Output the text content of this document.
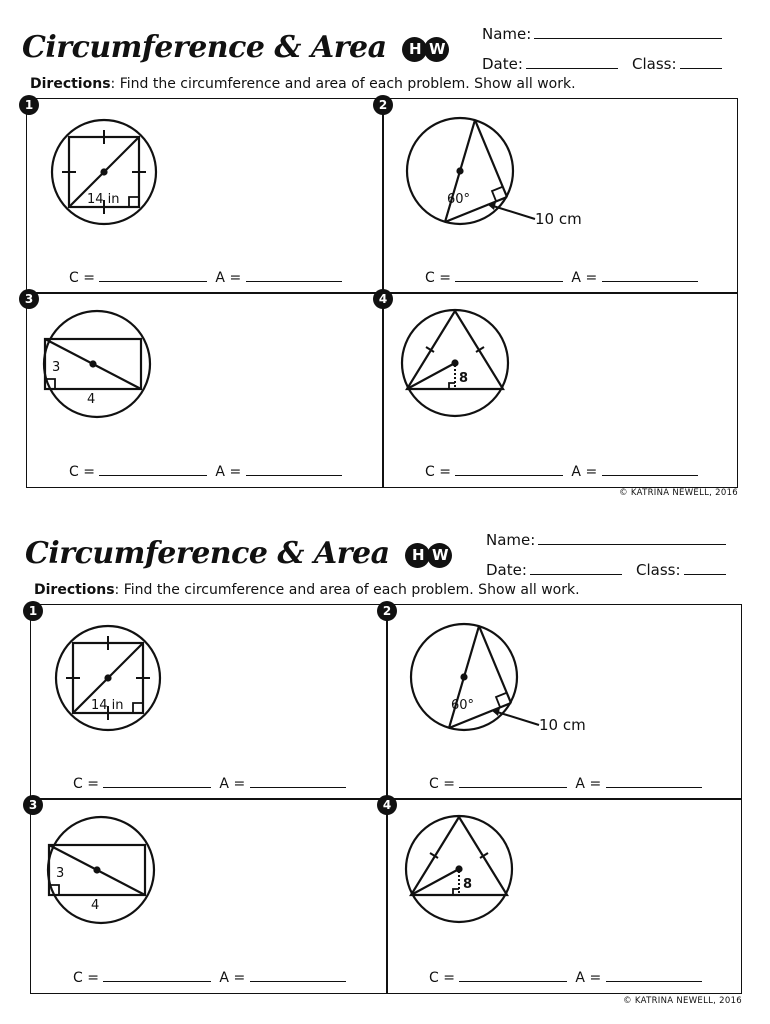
Circumference & Area H W
Name:
Date:	Class:
Directions: Find the circumference and area of each problem. Show all work.
14 in	60°
10 cm
3
4
8
1	2
3	4
C =	A =	C =	A =
C =	A =	C =	A =
© KATRINA NEWELL, 2016
Circumference & Area H W
Name:
Date:	Class:
Directions: Find the circumference and area of each problem. Show all work.
14 in	60°
10 cm
3
4
8
1	2
3	4
C =	A =	C =	A =
C =	A =	C =	A =
© KATRINA NEWELL, 2016
